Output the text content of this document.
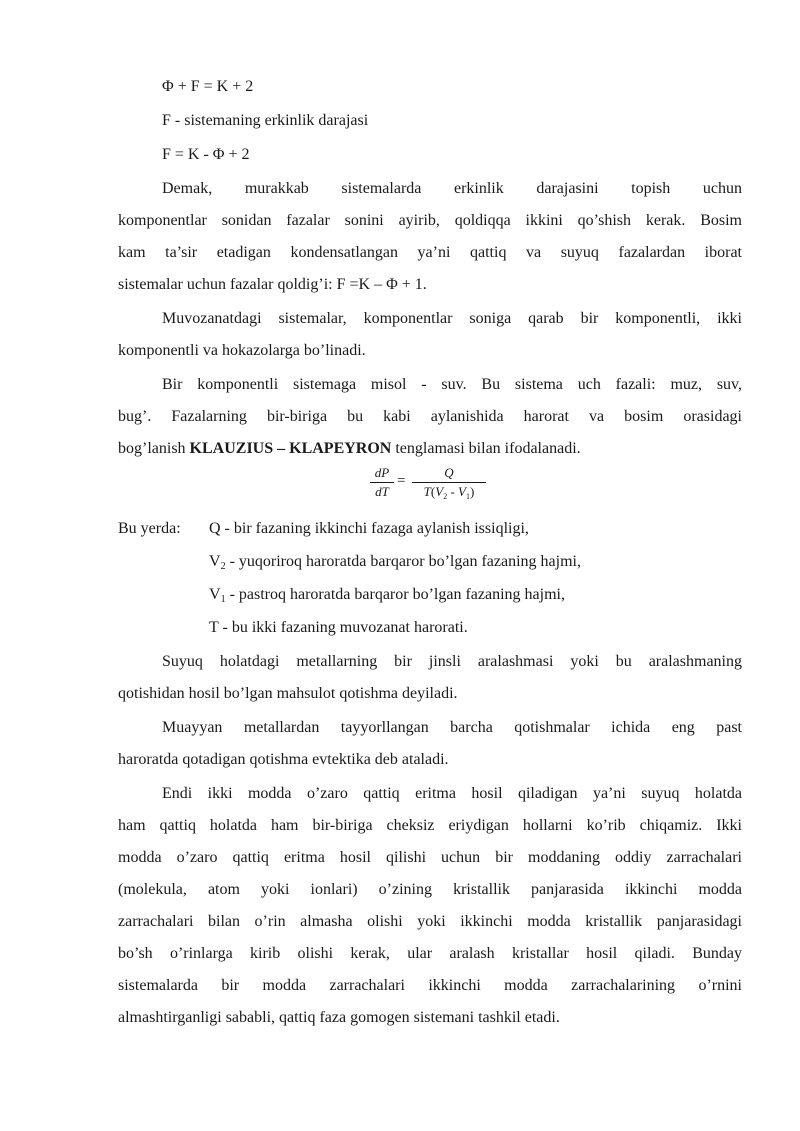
Φ + F = K + 2
F - sistemaning erkinlik darajasi
F = K - Φ + 2
Demak, murakkab sistemalarda erkinlik darajasini topish uchun
komponentlar sonidan fazalar sonini ayirib, qoldiqqa ikkini qo’shish kerak. Bosim
kam ta’sir etadigan kondensatlangan ya’ni qattiq va suyuq fazalardan iborat
sistemalar uchun fazalar qoldig’i: F =K – Φ + 1.
Muvozanatdagi sistemalar, komponentlar soniga qarab bir komponentli, ikki
komponentli va hokazolarga bo’linadi.
Bir komponentli sistemaga misol - suv. Bu sistema uch fazali: muz, suv,
bug’. Fazalarning bir-biriga bu kabi aylanishida harorat va bosim orasidagi
bog’lanish KLAUZIUS – KLAPEYRON tenglamasi bilan ifodalanadi.
$\frac{dP}{dT} = \frac{Q}{T(V_2 - V_1)}$
Bu yerda:	Q - bir fazaning ikkinchi fazaga aylanish issiqligi,
$V_2$ - yuqoriroq haroratda barqaror bo’lgan fazaning hajmi,
$V_1$ - pastroq haroratda barqaror bo’lgan fazaning hajmi,
T - bu ikki fazaning muvozanat harorati.
Suyuq holatdagi metallarning bir jinsli aralashmasi yoki bu aralashmaning
qotishidan hosil bo’lgan mahsulot qotishma deyiladi.
Muayyan metallardan tayyorllangan barcha qotishmalar ichida eng past
haroratda qotadigan qotishma evtektika deb ataladi.
Endi ikki modda o’zaro qattiq eritma hosil qiladigan ya’ni suyuq holatda
ham qattiq holatda ham bir-biriga cheksiz eriydigan hollarni ko’rib chiqamiz. Ikki
modda o’zaro qattiq eritma hosil qilishi uchun bir moddaning oddiy zarrachalari
(molekula, atom yoki ionlari) o’zining kristallik panjarasida ikkinchi modda
zarrachalari bilan o’rin almasha olishi yoki ikkinchi modda kristallik panjarasidagi
bo’sh o’rinlarga kirib olishi kerak, ular aralash kristallar hosil qiladi. Bunday
sistemalarda bir modda zarrachalari ikkinchi modda zarrachalarining o’rnini
almashtirganligi sababli, qattiq faza gomogen sistemani tashkil etadi.
